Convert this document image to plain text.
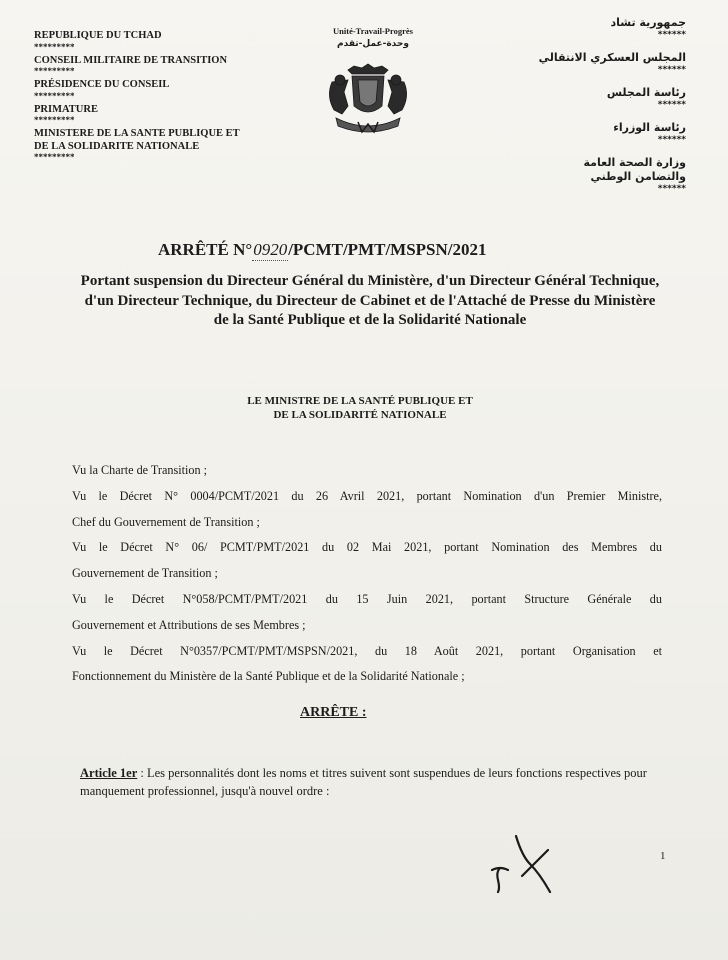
REPUBLIQUE DU TCHAD
*********
CONSEIL MILITAIRE DE TRANSITION
*********
PRÉSIDENCE DU CONSEIL
*********
PRIMATURE
*********
MINISTERE DE LA SANTE PUBLIQUE ET
DE LA SOLIDARITE NATIONALE
*********
Unité-Travail-Progrès
وحدة-عمل-تقدم
جمهورية تشاد
******
المجلس العسكري الانتقالي
******
رئاسة المجلس
******
رئاسة الوزراء
******
وزارة الصحة العامة
والتضامن الوطني
******
ARRÊTÉ N°0920/PCMT/PMT/MSPSN/2021
Portant suspension du Directeur Général du Ministère, d'un Directeur Général Technique, d'un Directeur Technique, du Directeur de Cabinet et de l'Attaché de Presse du Ministère de la Santé Publique et de la Solidarité Nationale
LE MINISTRE DE LA SANTÉ PUBLIQUE ET
DE LA SOLIDARITÉ NATIONALE
Vu la Charte de Transition ;
Vu le Décret N° 0004/PCMT/2021 du 26 Avril 2021, portant Nomination d'un Premier Ministre,
Chef du Gouvernement de Transition ;
Vu le Décret N° 06/ PCMT/PMT/2021 du 02 Mai 2021, portant Nomination des Membres du
Gouvernement de Transition ;
Vu le Décret N°058/PCMT/PMT/2021 du 15 Juin 2021, portant Structure Générale du
Gouvernement et Attributions de ses Membres ;
Vu le Décret N°0357/PCMT/PMT/MSPSN/2021, du 18 Août 2021, portant Organisation et
Fonctionnement du Ministère de la Santé Publique et de la Solidarité Nationale ;
ARRÊTE :
Article 1er : Les personnalités dont les noms et titres suivent sont suspendues de leurs fonctions respectives pour manquement professionnel, jusqu'à nouvel ordre :
1
